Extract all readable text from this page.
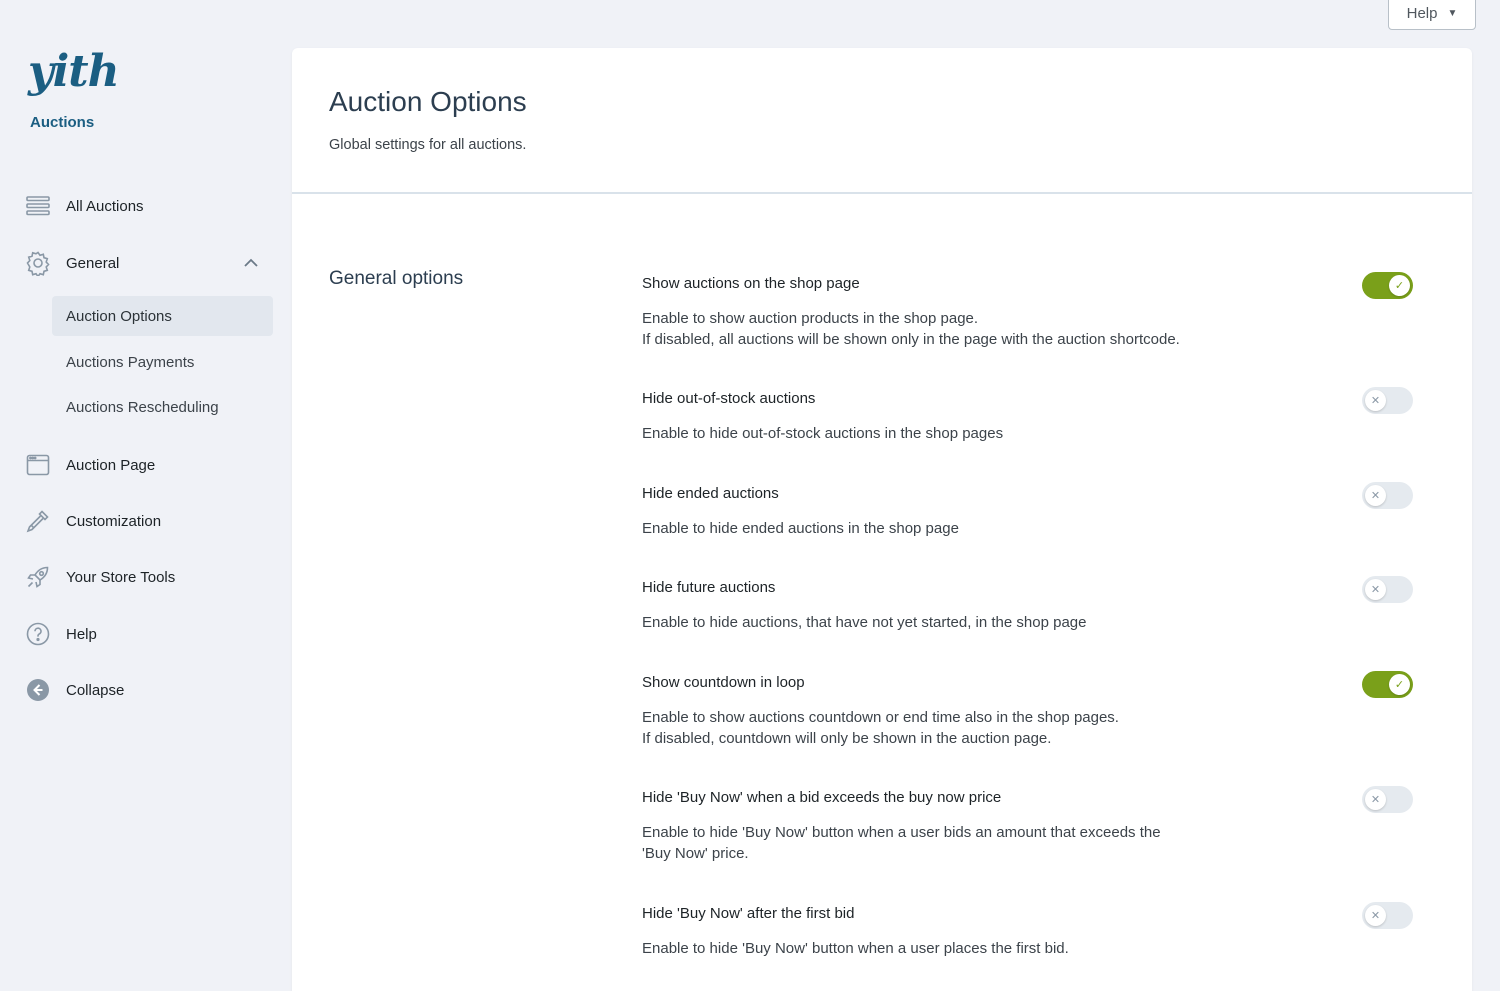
yith
Auctions
All Auctions
General
Auction Options
Auctions Payments
Auctions Rescheduling
Auction Page
Customization
Your Store Tools
Help
Collapse
Help ▼
Auction Options
Global settings for all auctions.
General options	Show auctions on the shop page
Enable to show auction products in the shop page.
If disabled, all auctions will be shown only in the page with the auction shortcode.
✓
Hide out-of-stock auctions
Enable to hide out-of-stock auctions in the shop pages
✕
Hide ended auctions
Enable to hide ended auctions in the shop page
✕
Hide future auctions
Enable to hide auctions, that have not yet started, in the shop page
✕
Show countdown in loop
Enable to show auctions countdown or end time also in the shop pages.
If disabled, countdown will only be shown in the auction page.
✓
Hide 'Buy Now' when a bid exceeds the buy now price
Enable to hide 'Buy Now' button when a user bids an amount that exceeds the
'Buy Now' price.
✕
Hide 'Buy Now' after the first bid
Enable to hide 'Buy Now' button when a user places the first bid.
✕
